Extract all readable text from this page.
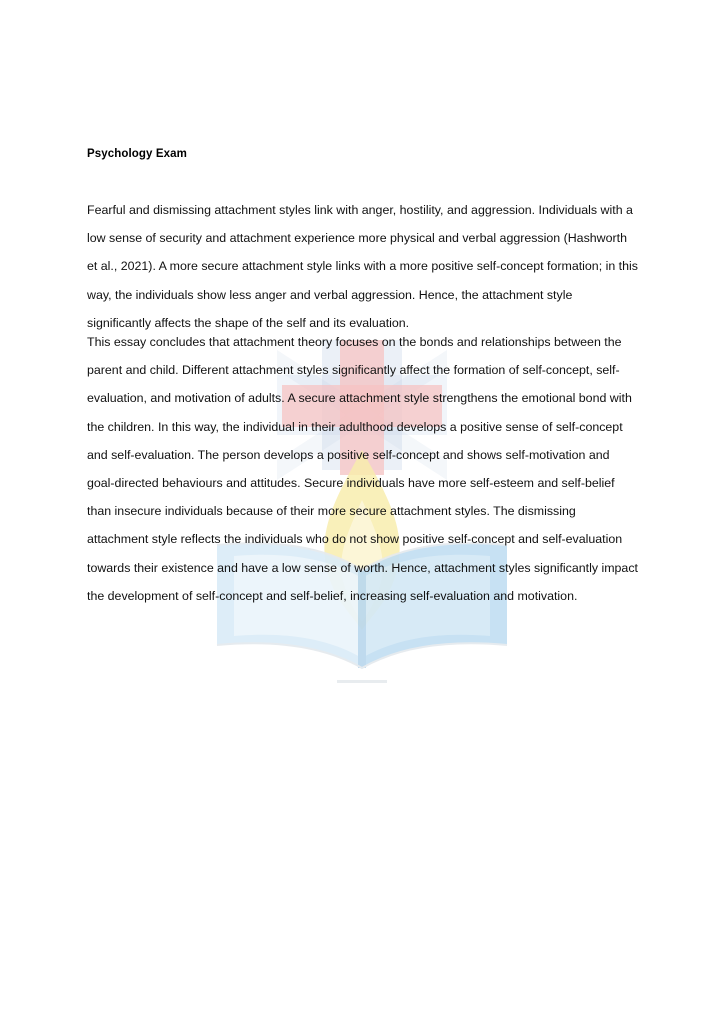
Psychology Exam

Fearful and dismissing attachment styles link with anger, hostility, and aggression. Individuals with a low sense of security and attachment experience more physical and verbal aggression (Hashworth et al., 2021). A more secure attachment style links with a more positive self-concept formation; in this way, the individuals show less anger and verbal aggression. Hence, the attachment style significantly affects the shape of the self and its evaluation.

This essay concludes that attachment theory focuses on the bonds and relationships between the parent and child. Different attachment styles significantly affect the formation of self-concept, self-evaluation, and motivation of adults. A secure attachment style strengthens the emotional bond with the children. In this way, the individual in their adulthood develops a positive sense of self-concept and self-evaluation. The person develops a positive self-concept and shows self-motivation and goal-directed behaviours and attitudes. Secure individuals have more self-esteem and self-belief than insecure individuals because of their more secure attachment styles. The dismissing attachment style reflects the individuals who do not show positive self-concept and self-evaluation towards their existence and have a low sense of worth. Hence, attachment styles significantly impact the development of self-concept and self-belief, increasing self-evaluation and motivation.
